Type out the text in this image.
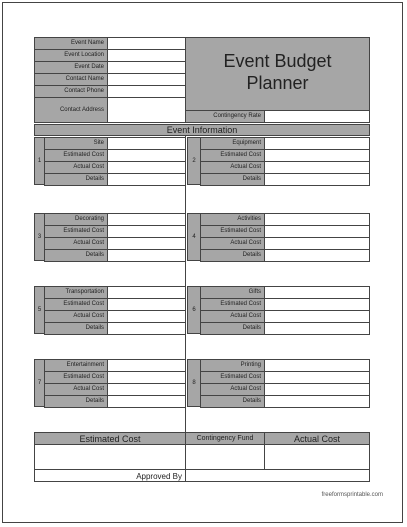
Event Name
Event Location
Event Date
Contact Name
Contact Phone
Contact Address
Event Budget
Planner
Contingency Rate
Event Information
1
Site
Estimated Cost
Actual Cost
Details
2
Equipment
Estimated Cost
Actual Cost
Details
3
Decorating
Estimated Cost
Actual Cost
Details
4
Activities
Estimated Cost
Actual Cost
Details
5
Transportation
Estimated Cost
Actual Cost
Details
6
Gifts
Estimated Cost
Actual Cost
Details
7
Entertainment
Estimated Cost
Actual Cost
Details
8
Printing
Estimated Cost
Actual Cost
Details
Estimated Cost	Contingency Fund	Actual Cost
Approved By
freeformsprintable.com
